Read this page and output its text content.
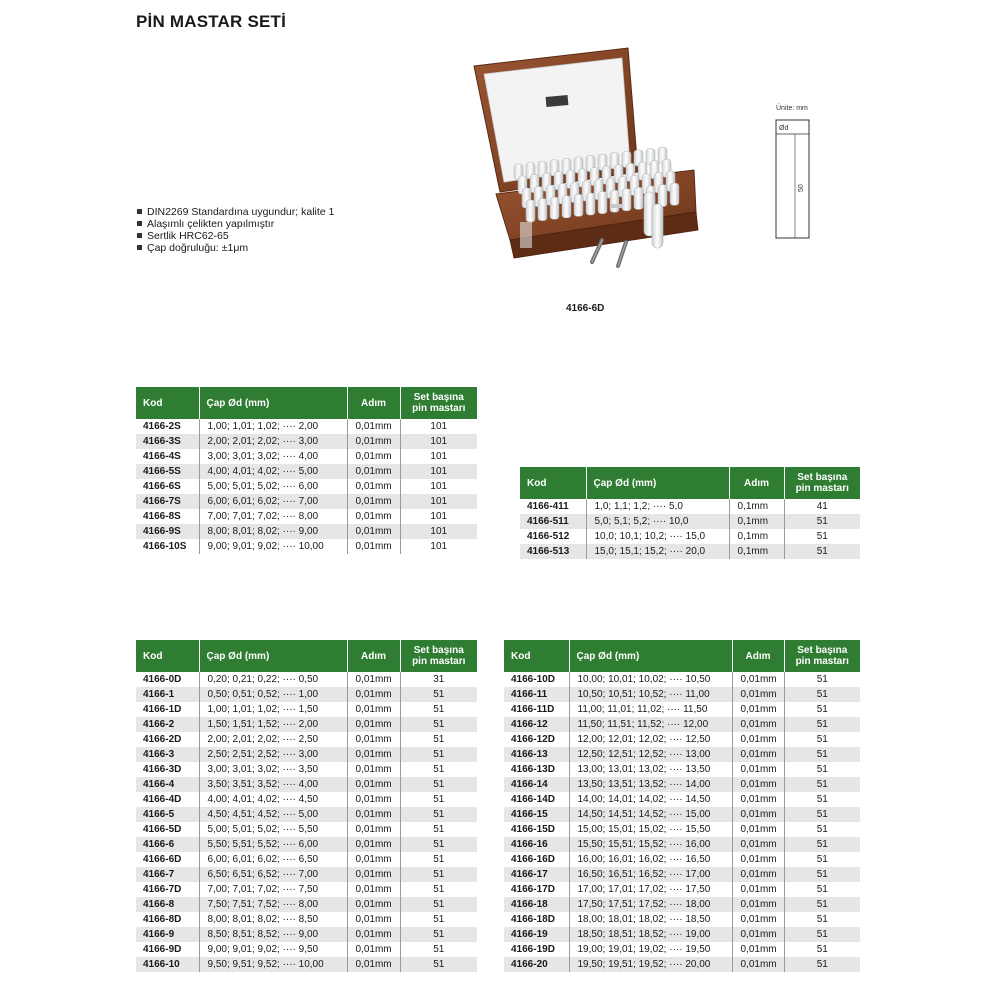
PİN MASTAR SETİ
DIN2269 Standardına uygundur; kalite 1
Alaşımlı çelikten yapılmıştır
Sertlik HRC62-65
Çap doğruluğu: ±1μm
4166-6D
Ünite: mm
Ød
50
Kod	Çap Ød (mm)	Adım	Set başına
pin mastarı
4166-2S	1,00; 1,01; 1,02; ···· 2,00	0,01mm	101
4166-3S	2,00; 2,01; 2,02; ···· 3,00	0,01mm	101
4166-4S	3,00; 3,01; 3,02; ···· 4,00	0,01mm	101
4166-5S	4,00; 4,01; 4,02; ···· 5,00	0,01mm	101
4166-6S	5,00; 5,01; 5,02; ···· 6,00	0,01mm	101
4166-7S	6,00; 6,01; 6,02; ···· 7,00	0,01mm	101
4166-8S	7,00; 7,01; 7,02; ···· 8,00	0,01mm	101
4166-9S	8,00; 8,01; 8,02; ···· 9,00	0,01mm	101
4166-10S	9,00; 9,01; 9,02; ···· 10,00	0,01mm	101
Kod	Çap Ød (mm)	Adım	Set başına
pin mastarı
4166-411	1,0; 1,1; 1,2; ···· 5,0	0,1mm	41
4166-511	5,0; 5,1; 5,2; ···· 10,0	0,1mm	51
4166-512	10,0; 10,1; 10,2; ···· 15,0	0,1mm	51
4166-513	15,0; 15,1; 15,2; ···· 20,0	0,1mm	51
Kod	Çap Ød (mm)	Adım	Set başına
pin mastarı
4166-0D	0,20; 0,21; 0,22; ···· 0,50	0,01mm	31
4166-1	0,50; 0,51; 0,52; ···· 1,00	0,01mm	51
4166-1D	1,00; 1,01; 1,02; ···· 1,50	0,01mm	51
4166-2	1,50; 1,51; 1,52; ···· 2,00	0,01mm	51
4166-2D	2,00; 2,01; 2,02; ···· 2,50	0,01mm	51
4166-3	2,50; 2,51; 2,52; ···· 3,00	0,01mm	51
4166-3D	3,00; 3,01; 3,02; ···· 3,50	0,01mm	51
4166-4	3,50; 3,51; 3,52; ···· 4,00	0,01mm	51
4166-4D	4,00; 4,01; 4,02; ···· 4,50	0,01mm	51
4166-5	4,50; 4,51; 4,52; ···· 5,00	0,01mm	51
4166-5D	5,00; 5,01; 5,02; ···· 5,50	0,01mm	51
4166-6	5,50; 5,51; 5,52; ···· 6,00	0,01mm	51
4166-6D	6,00; 6,01; 6,02; ···· 6,50	0,01mm	51
4166-7	6,50; 6,51; 6,52; ···· 7,00	0,01mm	51
4166-7D	7,00; 7,01; 7,02; ···· 7,50	0,01mm	51
4166-8	7,50; 7,51; 7,52; ···· 8,00	0,01mm	51
4166-8D	8,00; 8,01; 8,02; ···· 8,50	0,01mm	51
4166-9	8,50; 8,51; 8,52; ···· 9,00	0,01mm	51
4166-9D	9,00; 9,01; 9,02; ···· 9,50	0,01mm	51
4166-10	9,50; 9,51; 9,52; ···· 10,00	0,01mm	51
Kod	Çap Ød (mm)	Adım	Set başına
pin mastarı
4166-10D	10,00; 10,01; 10,02; ···· 10,50	0,01mm	51
4166-11	10,50; 10,51; 10,52; ···· 11,00	0,01mm	51
4166-11D	11,00; 11,01; 11,02; ···· 11,50	0,01mm	51
4166-12	11,50; 11,51; 11,52; ···· 12,00	0,01mm	51
4166-12D	12,00; 12,01; 12,02; ···· 12,50	0,01mm	51
4166-13	12,50; 12,51; 12,52; ···· 13,00	0,01mm	51
4166-13D	13,00; 13,01; 13,02; ···· 13,50	0,01mm	51
4166-14	13,50; 13,51; 13,52; ···· 14,00	0,01mm	51
4166-14D	14,00; 14,01; 14,02; ···· 14,50	0,01mm	51
4166-15	14,50; 14,51; 14,52; ···· 15,00	0,01mm	51
4166-15D	15,00; 15,01; 15,02; ···· 15,50	0,01mm	51
4166-16	15,50; 15,51; 15,52; ···· 16,00	0,01mm	51
4166-16D	16,00; 16,01; 16,02; ···· 16,50	0,01mm	51
4166-17	16,50; 16,51; 16,52; ···· 17,00	0,01mm	51
4166-17D	17,00; 17,01; 17,02; ···· 17,50	0,01mm	51
4166-18	17,50; 17,51; 17,52; ···· 18,00	0,01mm	51
4166-18D	18,00; 18,01; 18,02; ···· 18,50	0,01mm	51
4166-19	18,50; 18,51; 18,52; ···· 19,00	0,01mm	51
4166-19D	19,00; 19,01; 19,02; ···· 19,50	0,01mm	51
4166-20	19,50; 19,51; 19,52; ···· 20,00	0,01mm	51
